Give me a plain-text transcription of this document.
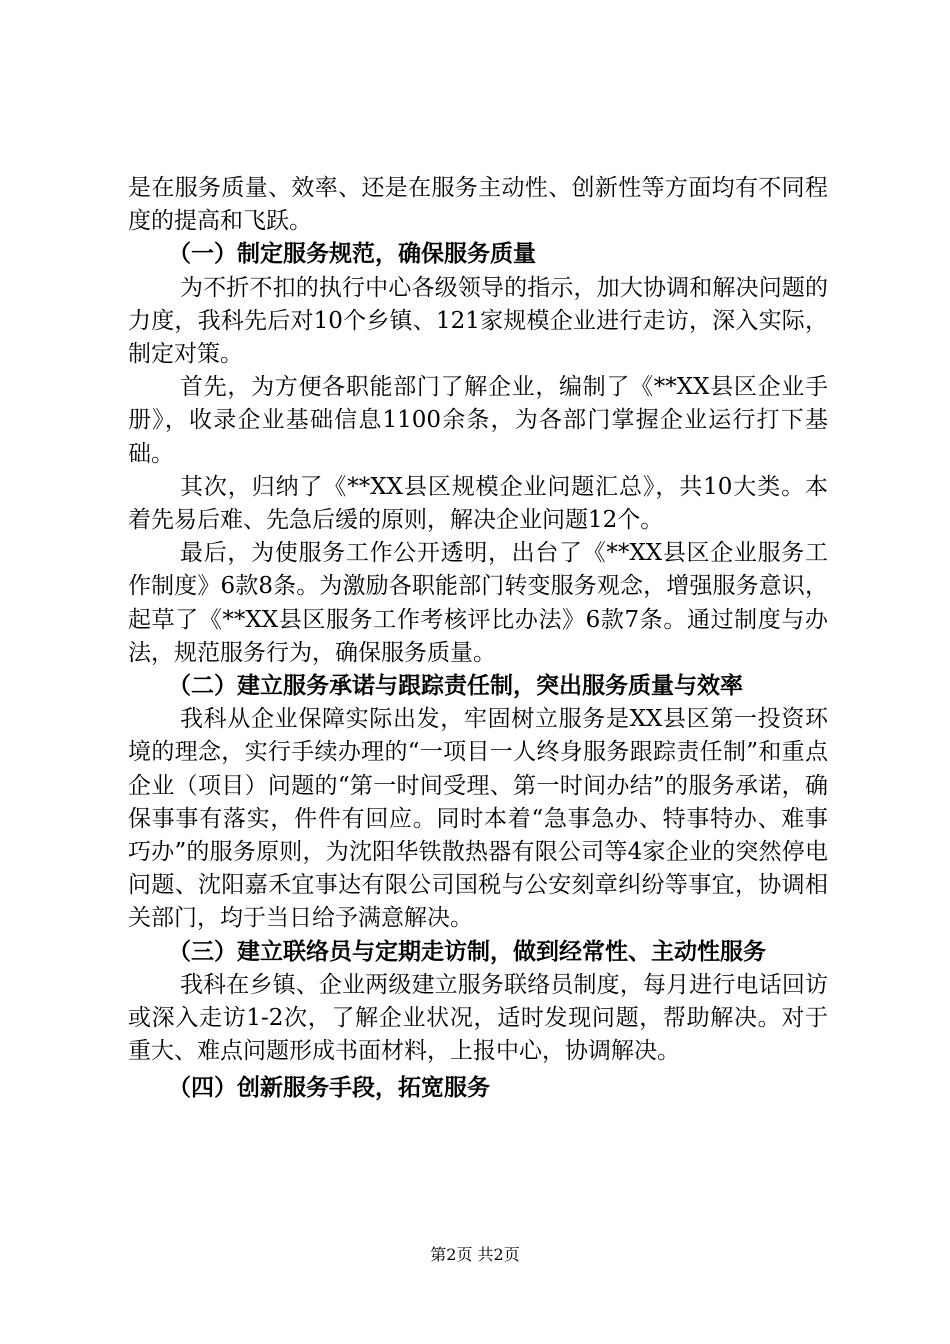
是在服务质量、效率、还是在服务主动性、创新性等方面均有不同程度的提高和飞跃。

（一）制定服务规范，确保服务质量

为不折不扣的执行中心各级领导的指示，加大协调和解决问题的力度，我科先后对10个乡镇、121家规模企业进行走访，深入实际，制定对策。

首先，为方便各职能部门了解企业，编制了《**XX县区企业手册》，收录企业基础信息1100余条，为各部门掌握企业运行打下基础。

其次，归纳了《**XX县区规模企业问题汇总》，共10大类。本着先易后难、先急后缓的原则，解决企业问题12个。

最后，为使服务工作公开透明，出台了《**XX县区企业服务工作制度》6款8条。为激励各职能部门转变服务观念，增强服务意识，起草了《**XX县区服务工作考核评比办法》6款7条。通过制度与办法，规范服务行为，确保服务质量。

（二）建立服务承诺与跟踪责任制，突出服务质量与效率

我科从企业保障实际出发，牢固树立服务是XX县区第一投资环境的理念，实行手续办理的“一项目一人终身服务跟踪责任制”和重点企业（项目）问题的“第一时间受理、第一时间办结”的服务承诺，确保事事有落实，件件有回应。同时本着“急事急办、特事特办、难事巧办”的服务原则，为沈阳华铁散热器有限公司等4家企业的突然停电问题、沈阳嘉禾宜事达有限公司国税与公安刻章纠纷等事宜，协调相关部门，均于当日给予满意解决。

（三）建立联络员与定期走访制，做到经常性、主动性服务

我科在乡镇、企业两级建立服务联络员制度，每月进行电话回访或深入走访1-2次，了解企业状况，适时发现问题，帮助解决。对于重大、难点问题形成书面材料，上报中心，协调解决。

（四）创新服务手段，拓宽服务

第2页 共2页
